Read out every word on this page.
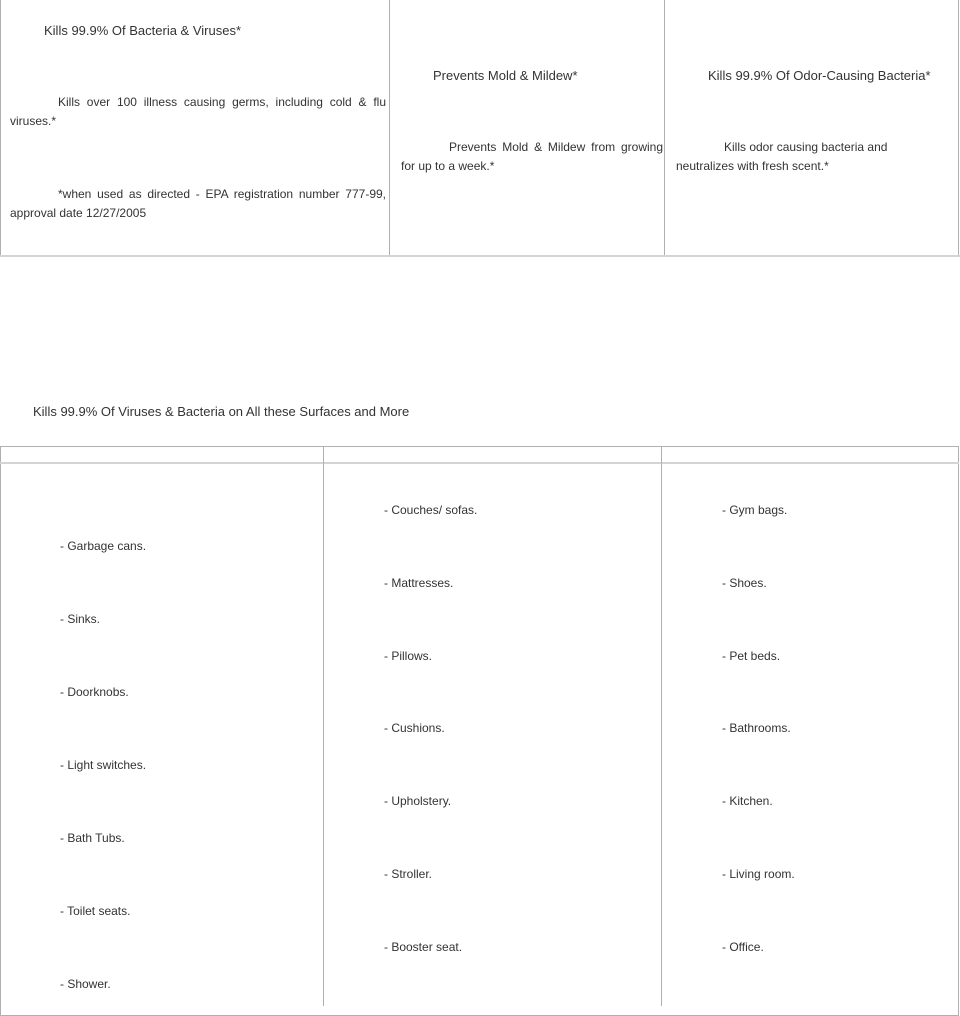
Kills 99.9% Of Bacteria & Viruses*
Kills over 100 illness causing germs, including cold & flu viruses.*
*when used as directed - EPA registration number 777-99, approval date 12/27/2005
Prevents Mold & Mildew*
Prevents Mold & Mildew from growing for up to a week.*
Kills 99.9% Of Odor-Causing Bacteria*
Kills odor causing bacteria and neutralizes with fresh scent.*
Kills 99.9% Of Viruses & Bacteria on All these Surfaces and More
- Garbage cans.
- Sinks.
- Doorknobs.
- Light switches.
- Bath Tubs.
- Toilet seats.
- Shower.
- Couches/ sofas.
- Mattresses.
- Pillows.
- Cushions.
- Upholstery.
- Stroller.
- Booster seat.
- Gym bags.
- Shoes.
- Pet beds.
- Bathrooms.
- Kitchen.
- Living room.
- Office.
